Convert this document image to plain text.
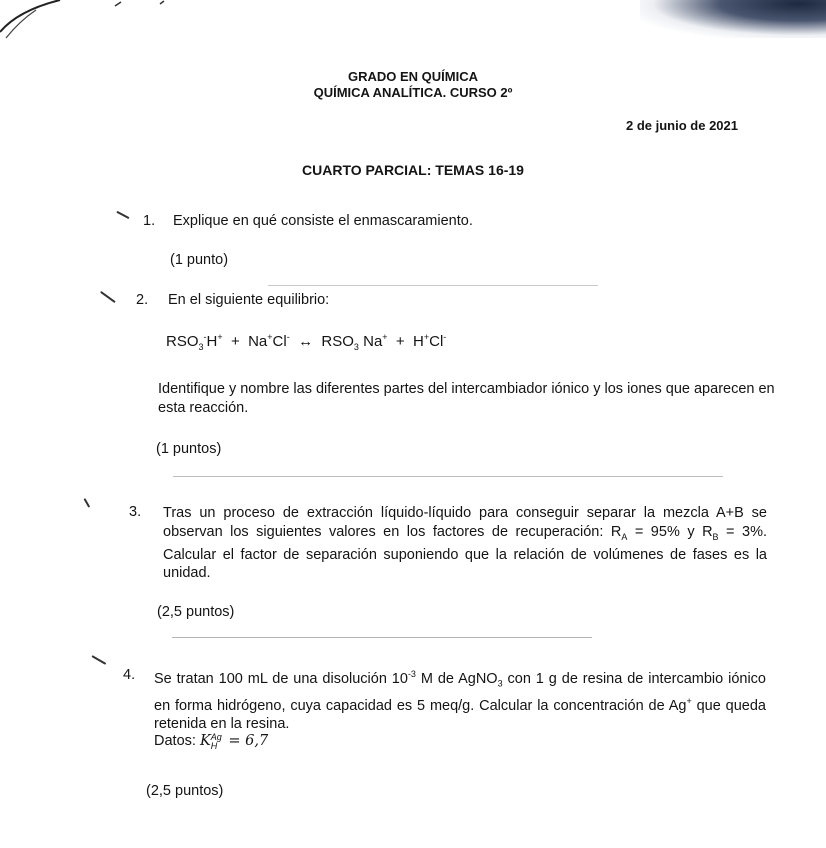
GRADO EN QUÍMICA
QUÍMICA ANALÍTICA. CURSO 2º
2 de junio de 2021
CUARTO PARCIAL: TEMAS 16-19
1. Explique en qué consiste el enmascaramiento.
(1 punto)
2. En el siguiente equilibrio:
$RSO_3^-H^+ + Na^+Cl^-$ ↔ $RSO_3$ Na+ + H+Cl-
Identifique y nombre las diferentes partes del intercambiador iónico y los iones que aparecen en esta reacción.
(1 puntos)
3. Tras un proceso de extracción líquido-líquido para conseguir separar la mezcla A+B se observan los siguientes valores en los factores de recuperación: $R_A = 95\%$ y $R_B = 3\%$. Calcular el factor de separación suponiendo que la relación de volúmenes de fases es la unidad.
(2,5 puntos)
4. Se tratan 100 mL de una disolución $10^{-3}$ M de AgNO$_3$ con 1 g de resina de intercambio iónico en forma hidrógeno, cuya capacidad es 5 meq/g. Calcular la concentración de Ag+ que queda retenida en la resina.
Datos: K Ag
H = 6,7
(2,5 puntos)
